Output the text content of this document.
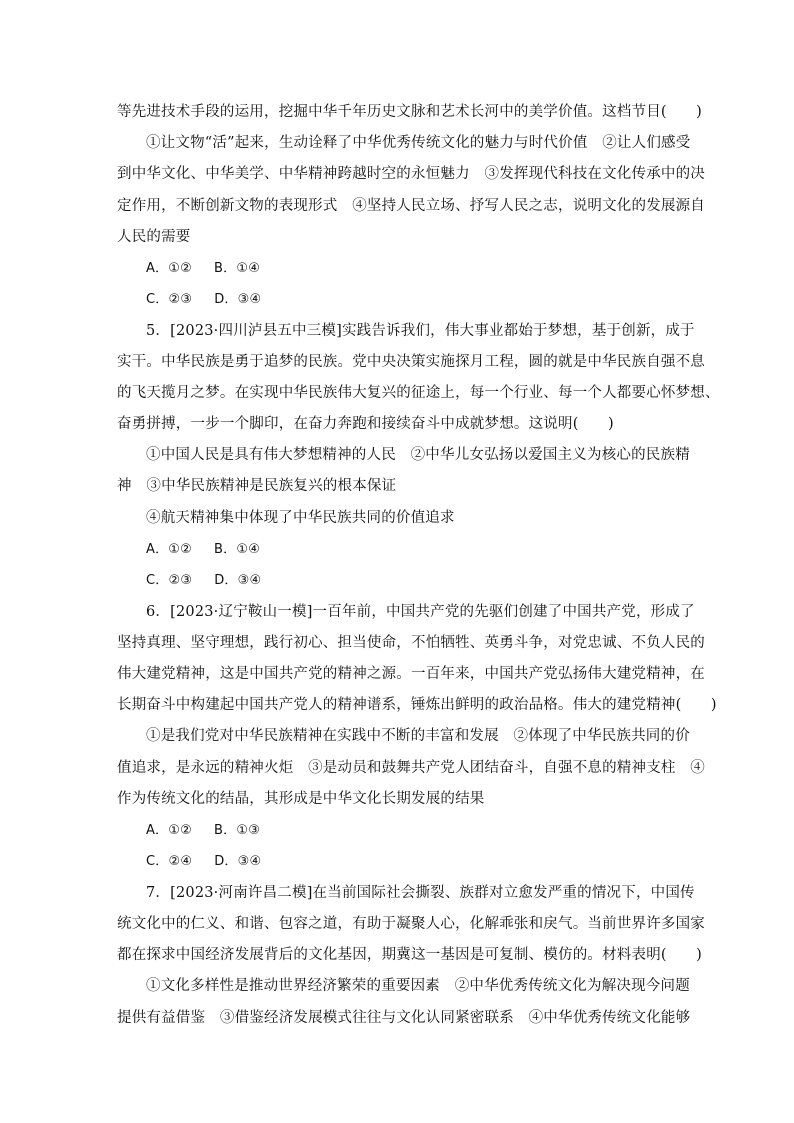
等先进技术手段的运用，挖掘中华千年历史文脉和艺术长河中的美学价值。这档节目(　　)
①让文物“活”起来，生动诠释了中华优秀传统文化的魅力与时代价值　②让人们感受
到中华文化、中华美学、中华精神跨越时空的永恒魅力　③发挥现代科技在文化传承中的决
定作用，不断创新文物的表现形式　④坚持人民立场、抒写人民之志，说明文化的发展源自
人民的需要
A．①② B．①④
C．②③ D．③④
5．[2023·四川泸县五中三模]实践告诉我们，伟大事业都始于梦想，基于创新，成于
实干。中华民族是勇于追梦的民族。党中央决策实施探月工程，圆的就是中华民族自强不息
的飞天揽月之梦。在实现中华民族伟大复兴的征途上，每一个行业、每一个人都要心怀梦想、
奋勇拼搏，一步一个脚印，在奋力奔跑和接续奋斗中成就梦想。这说明(　　)
①中国人民是具有伟大梦想精神的人民　②中华儿女弘扬以爱国主义为核心的民族精
神　③中华民族精神是民族复兴的根本保证
④航天精神集中体现了中华民族共同的价值追求
A．①② B．①④
C．②③ D．③④
6．[2023·辽宁鞍山一模]一百年前，中国共产党的先驱们创建了中国共产党，形成了
坚持真理、坚守理想，践行初心、担当使命，不怕牺牲、英勇斗争，对党忠诚、不负人民的
伟大建党精神，这是中国共产党的精神之源。一百年来，中国共产党弘扬伟大建党精神，在
长期奋斗中构建起中国共产党人的精神谱系，锤炼出鲜明的政治品格。伟大的建党精神(　　)
①是我们党对中华民族精神在实践中不断的丰富和发展　②体现了中华民族共同的价
值追求，是永远的精神火炬　③是动员和鼓舞共产党人团结奋斗，自强不息的精神支柱　④
作为传统文化的结晶，其形成是中华文化长期发展的结果
A．①② B．①③
C．②④ D．③④
7．[2023·河南许昌二模]在当前国际社会撕裂、族群对立愈发严重的情况下，中国传
统文化中的仁义、和谐、包容之道，有助于凝聚人心，化解乖张和戾气。当前世界许多国家
都在探求中国经济发展背后的文化基因，期冀这一基因是可复制、模仿的。材料表明(　　)
①文化多样性是推动世界经济繁荣的重要因素　②中华优秀传统文化为解决现今问题
提供有益借鉴　③借鉴经济发展模式往往与文化认同紧密联系　④中华优秀传统文化能够
